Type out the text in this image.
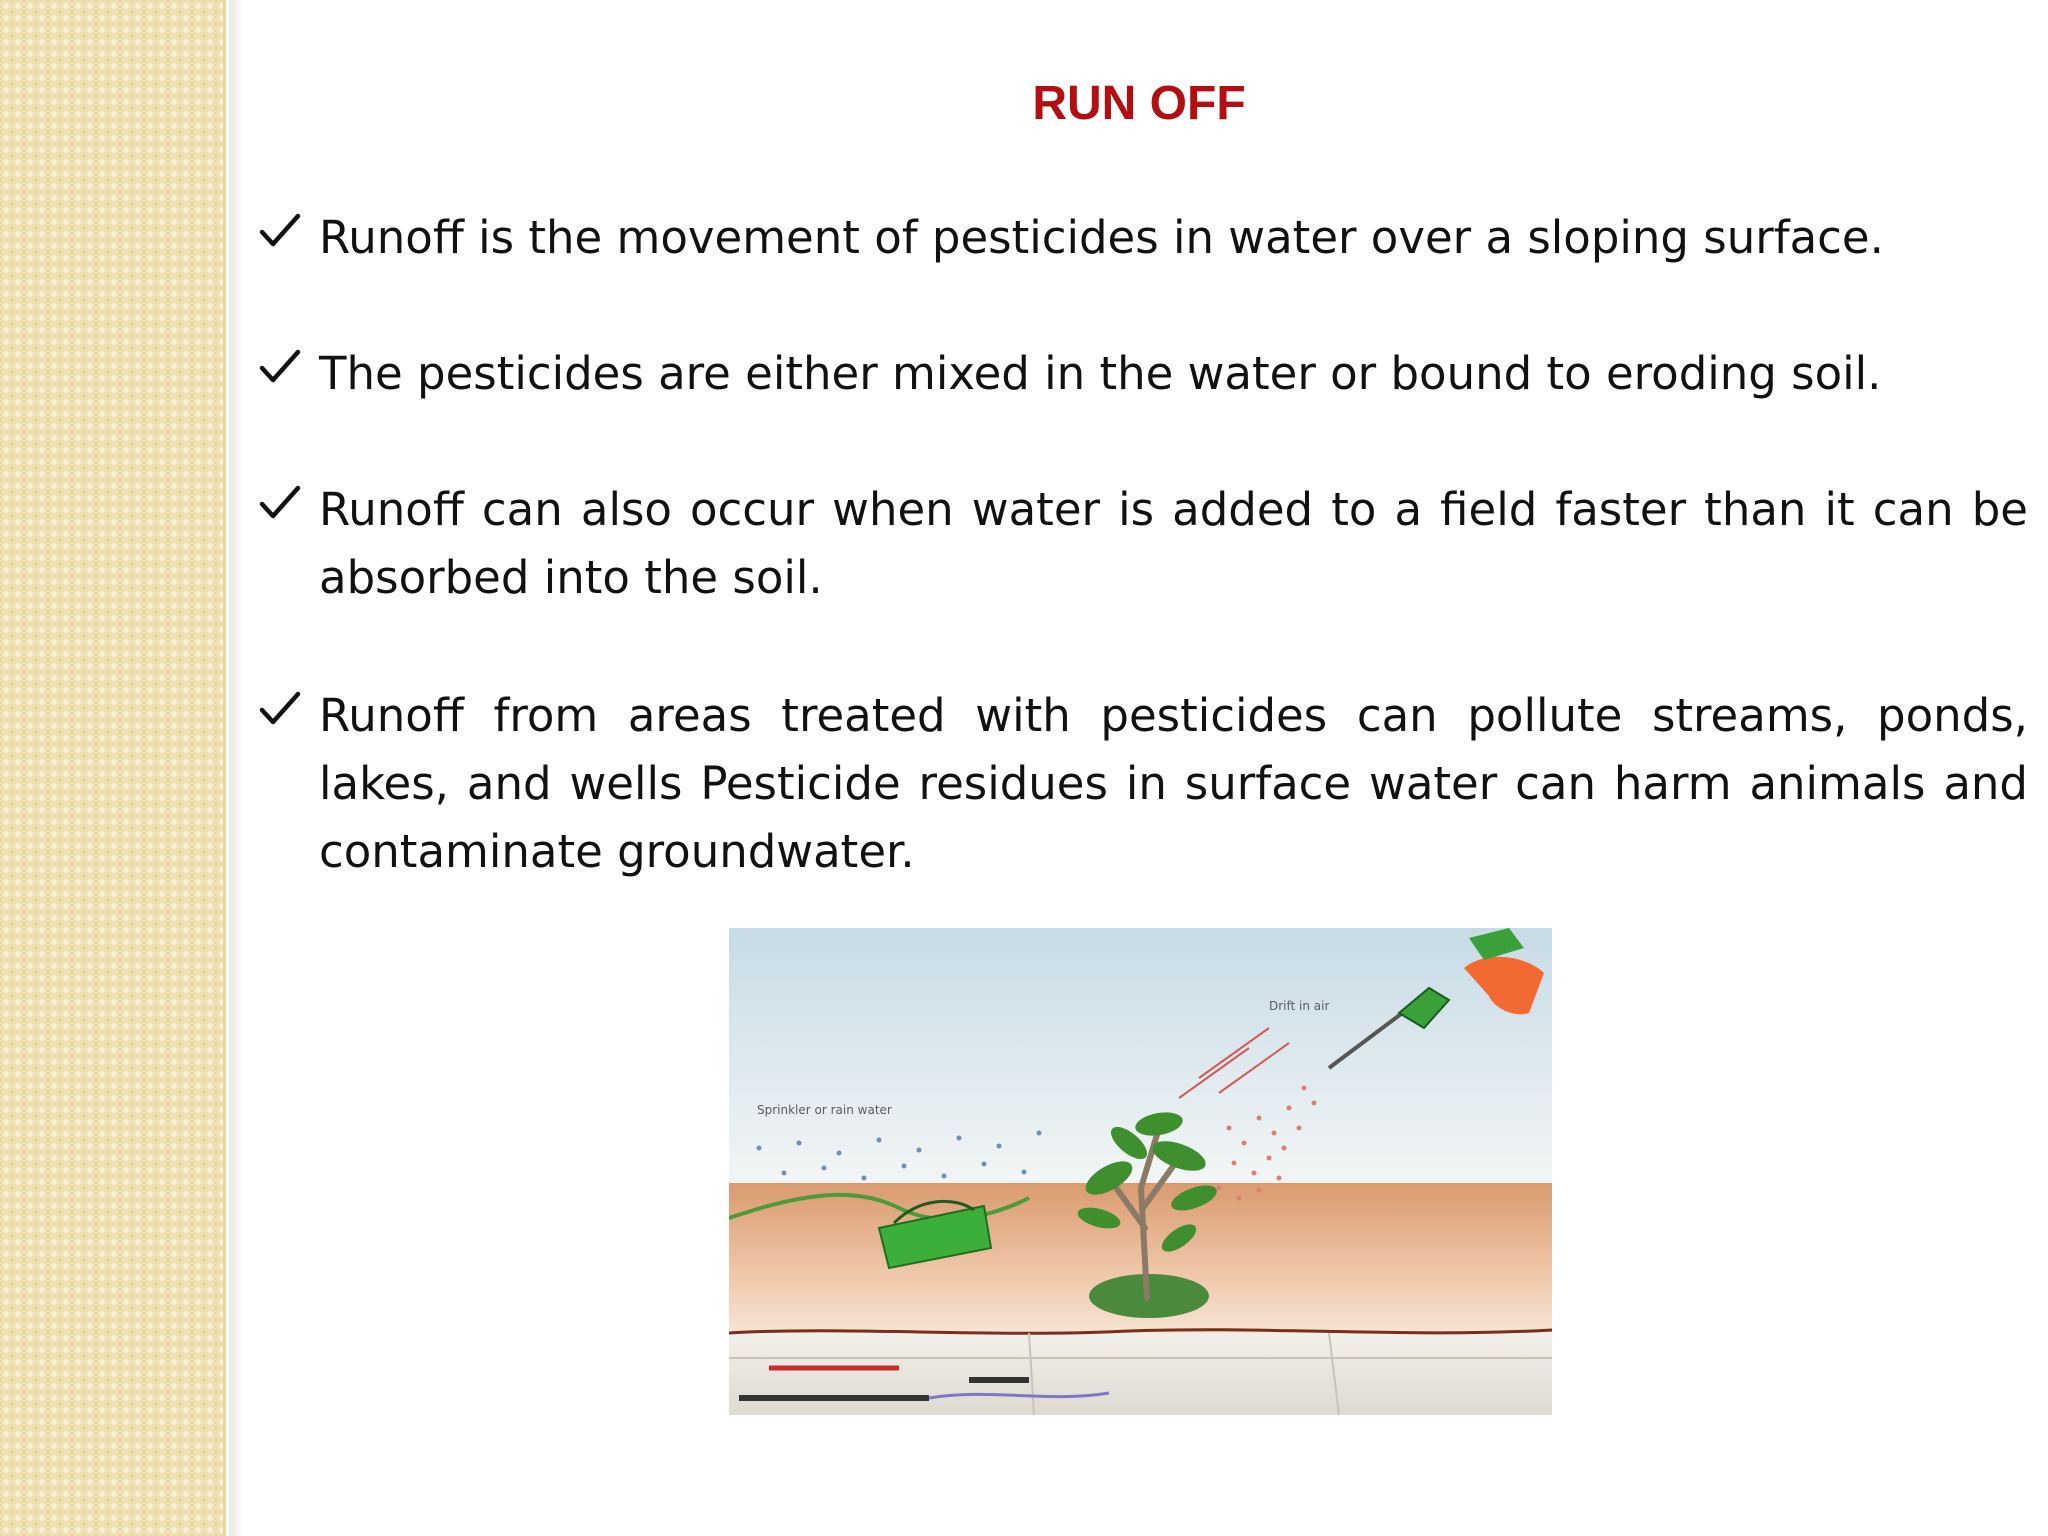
RUN OFF
Runoff is the movement of pesticides in water over a sloping surface.
The pesticides are either mixed in the water or bound to eroding soil.
Runoff can also occur when water is added to a field faster than it can be absorbed into the soil.
Runoff from areas treated with pesticides can pollute streams, ponds, lakes, and wells Pesticide residues in surface water can harm animals and contaminate groundwater.
Drift in air
Sprinkler or rain water
